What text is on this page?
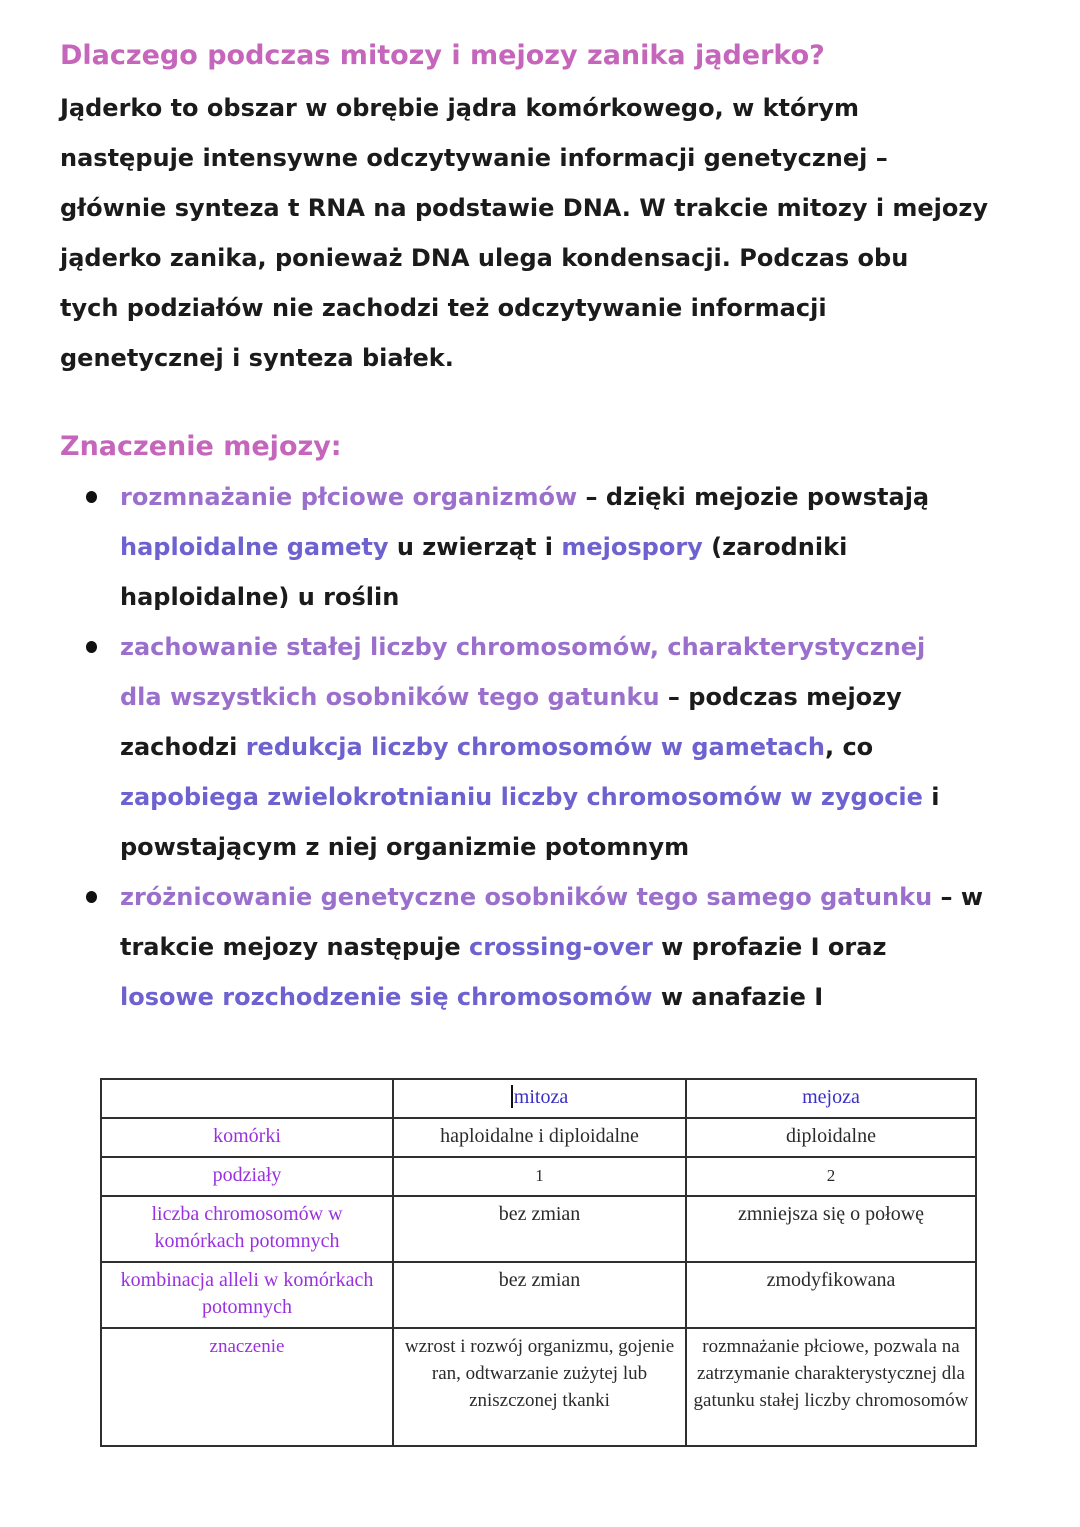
Dlaczego podczas mitozy i mejozy zanika jąderko?
Jąderko to obszar w obrębie jądra komórkowego, w którym
następuje intensywne odczytywanie informacji genetycznej –
głównie synteza t RNA na podstawie DNA. W trakcie mitozy i mejozy
jąderko zanika, ponieważ DNA ulega kondensacji. Podczas obu
tych podziałów nie zachodzi też odczytywanie informacji
genetycznej i synteza białek.
Znaczenie mejozy:
rozmnażanie płciowe organizmów – dzięki mejozie powstają
haploidalne gamety u zwierząt i mejospory (zarodniki
haploidalne) u roślin
zachowanie stałej liczby chromosomów, charakterystycznej
dla wszystkich osobników tego gatunku – podczas mejozy
zachodzi redukcja liczby chromosomów w gametach, co
zapobiega zwielokrotnianiu liczby chromosomów w zygocie i
powstającym z niej organizmie potomnym
zróżnicowanie genetyczne osobników tego samego gatunku – w
trakcie mejozy następuje crossing-over w profazie I oraz
losowe rozchodzenie się chromosomów w anafazie I
	mitoza	mejoza
komórki	haploidalne i diploidalne	diploidalne
podziały	1	2
liczba chromosomów w komórkach potomnych	bez zmian	zmniejsza się o połowę
kombinacja alleli w komórkach potomnych	bez zmian	zmodyfikowana
znaczenie	wzrost i rozwój organizmu, gojenie ran, odtwarzanie zużytej lub zniszczonej tkanki	rozmnażanie płciowe, pozwala na zatrzymanie charakterystycznej dla gatunku stałej liczby chromosomów
